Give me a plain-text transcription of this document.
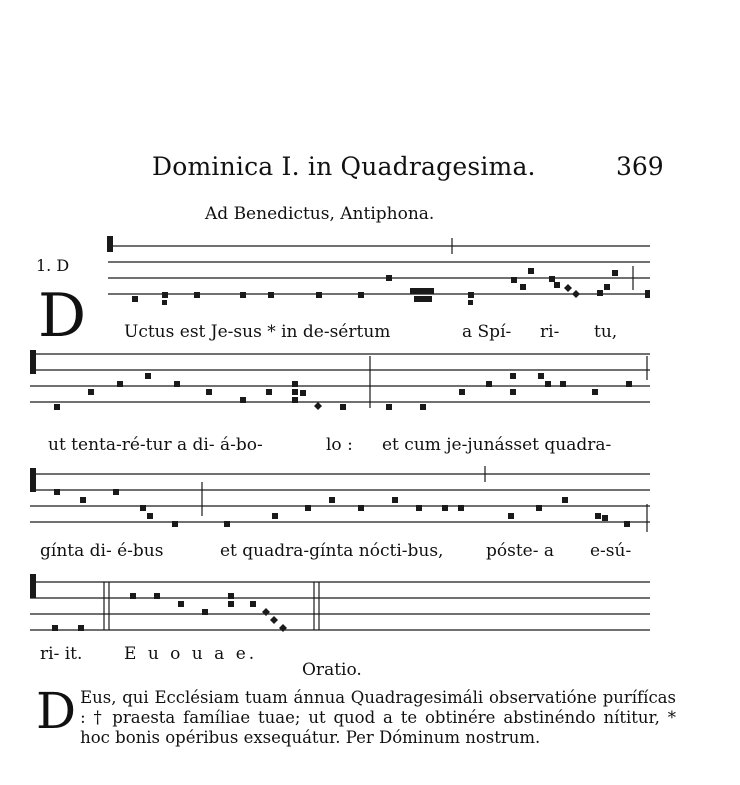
Dominica I. in Quadragesima.	369
Ad Benedictus, Antiphona.
1. D
D Uctus est Je-sus * in de-sértum	a Spí- ri- tu,
ut tenta-ré-tur a di- á-bo-	lo : et cum je-junásset quadra-
gínta di- é-bus	et quadra-gínta nócti-bus,	póste- a e-sú-
ri- it. E u o u a e.
Oratio.
D Eus, qui Ecclésiam tuam ánnua Quadragesimáli observatióne purífícas : † praesta famíliae tuae; ut quod a te obtinére abstinéndo nítitur, * hoc bonis opéribus exsequátur. Per Dóminum nostrum.
